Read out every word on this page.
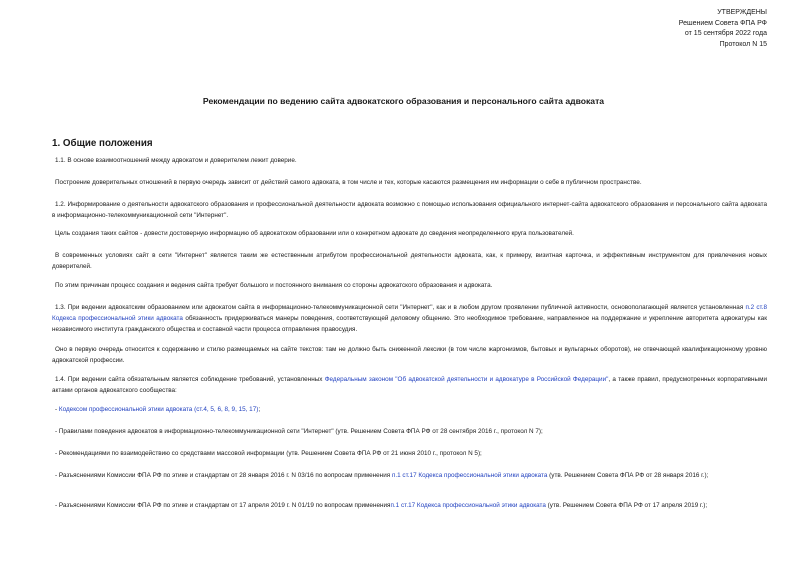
УТВЕРЖДЕНЫ
Решением Совета ФПА РФ
от 15 сентября 2022 года
Протокол N 15
Рекомендации по ведению сайта адвокатского образования и персонального сайта адвоката
1. Общие положения

1.1. В основе взаимоотношений между адвокатом и доверителем лежит доверие.

Построение доверительных отношений в первую очередь зависит от действий самого адвоката, в том числе и тех, которые касаются размещения им информации о себе в публичном пространстве.

1.2. Информирование о деятельности адвокатского образования и профессиональной деятельности адвоката возможно с помощью использования официального интернет-сайта адвокатского образования и персонального сайта адвоката в информационно-телекоммуникационной сети "Интернет".

Цель создания таких сайтов - довести достоверную информацию об адвокатском образовании или о конкретном адвокате до сведения неопределенного круга пользователей.

В современных условиях сайт в сети "Интернет" является таким же естественным атрибутом профессиональной деятельности адвоката, как, к примеру, визитная карточка, и эффективным инструментом для привлечения новых доверителей.

По этим причинам процесс создания и ведения сайта требует большого и постоянного внимания со стороны адвокатского образования и адвоката.

1.3. При ведении адвокатским образованием или адвокатом сайта в информационно-телекоммуникационной сети "Интернет", как и в любом другом проявлении публичной активности, основополагающей является установленная п.2 ст.8 Кодекса профессиональной этики адвоката обязанность придерживаться манеры поведения, соответствующей деловому общению. Это необходимое требование, направленное на поддержание и укрепление авторитета адвокатуры как независимого института гражданского общества и составной части процесса отправления правосудия.

Оно в первую очередь относится к содержанию и стилю размещаемых на сайте текстов: там не должно быть сниженной лексики (в том числе жаргонизмов, бытовых и вульгарных оборотов), не отвечающей квалификационному уровню адвокатской профессии.

1.4. При ведении сайта обязательным является соблюдение требований, установленных Федеральным законом "Об адвокатской деятельности и адвокатуре в Российской Федерации", а также правил, предусмотренных корпоративными актами органов адвокатского сообщества:

- Кодексом профессиональной этики адвоката (ст.4, 5, 6, 8, 9, 15, 17);

- Правилами поведения адвокатов в информационно-телекоммуникационной сети "Интернет" (утв. Решением Совета ФПА РФ от 28 сентября 2016 г., протокол N 7);

- Рекомендациями по взаимодействию со средствами массовой информации (утв. Решением Совета ФПА РФ от 21 июня 2010 г., протокол N 5);

- Разъяснениями Комиссии ФПА РФ по этике и стандартам от 28 января 2016 г. N 03/16 по вопросам применения п.1 ст.17 Кодекса профессиональной этики адвоката (утв. Решением Совета ФПА РФ от 28 января 2016 г.);

- Разъяснениями Комиссии ФПА РФ по этике и стандартам от 17 апреля 2019 г. N 01/19 по вопросам примененияп.1 ст.17 Кодекса профессиональной этики адвоката (утв. Решением Совета ФПА РФ от 17 апреля 2019 г.);
